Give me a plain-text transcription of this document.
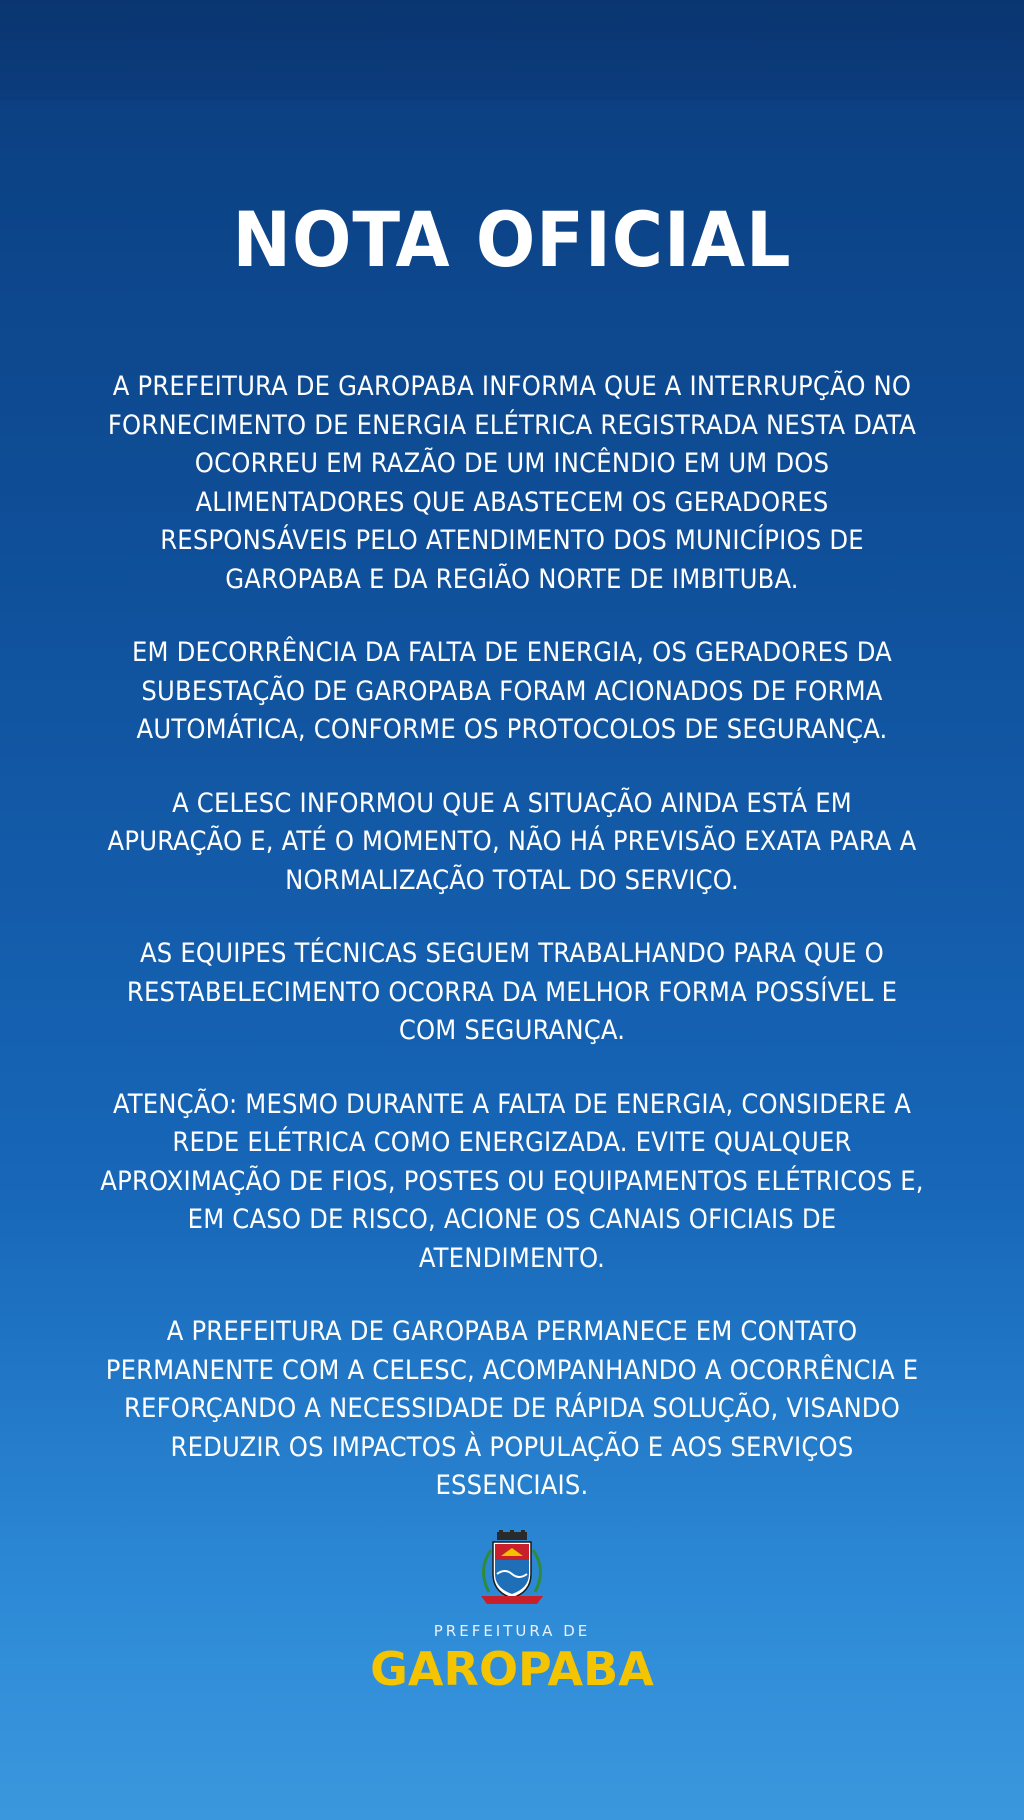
NOTA OFICIAL

A PREFEITURA DE GAROPABA INFORMA QUE A INTERRUPÇÃO NO
FORNECIMENTO DE ENERGIA ELÉTRICA REGISTRADA NESTA DATA
OCORREU EM RAZÃO DE UM INCÊNDIO EM UM DOS
ALIMENTADORES QUE ABASTECEM OS GERADORES
RESPONSÁVEIS PELO ATENDIMENTO DOS MUNICÍPIOS DE
GAROPABA E DA REGIÃO NORTE DE IMBITUBA.

EM DECORRÊNCIA DA FALTA DE ENERGIA, OS GERADORES DA
SUBESTAÇÃO DE GAROPABA FORAM ACIONADOS DE FORMA
AUTOMÁTICA, CONFORME OS PROTOCOLOS DE SEGURANÇA.

A CELESC INFORMOU QUE A SITUAÇÃO AINDA ESTÁ EM
APURAÇÃO E, ATÉ O MOMENTO, NÃO HÁ PREVISÃO EXATA PARA A
NORMALIZAÇÃO TOTAL DO SERVIÇO.

AS EQUIPES TÉCNICAS SEGUEM TRABALHANDO PARA QUE O
RESTABELECIMENTO OCORRA DA MELHOR FORMA POSSÍVEL E
COM SEGURANÇA.

ATENÇÃO: MESMO DURANTE A FALTA DE ENERGIA, CONSIDERE A
REDE ELÉTRICA COMO ENERGIZADA. EVITE QUALQUER
APROXIMAÇÃO DE FIOS, POSTES OU EQUIPAMENTOS ELÉTRICOS E,
EM CASO DE RISCO, ACIONE OS CANAIS OFICIAIS DE
ATENDIMENTO.

A PREFEITURA DE GAROPABA PERMANECE EM CONTATO
PERMANENTE COM A CELESC, ACOMPANHANDO A OCORRÊNCIA E
REFORÇANDO A NECESSIDADE DE RÁPIDA SOLUÇÃO, VISANDO
REDUZIR OS IMPACTOS À POPULAÇÃO E AOS SERVIÇOS
ESSENCIAIS.

PREFEITURA DE
GAROPABA
